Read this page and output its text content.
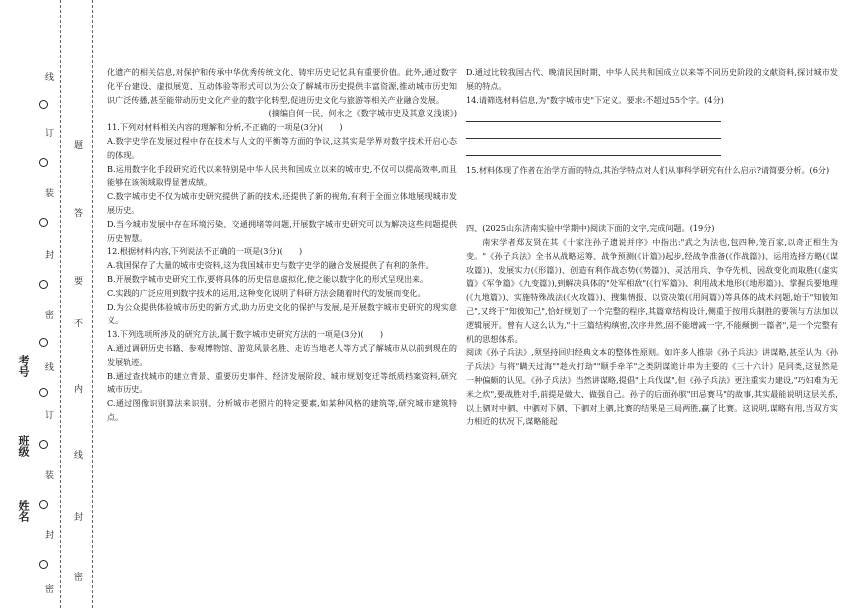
姓名
班级
考号
线
订
装
封
密
线
订
装
封
密
题
答
要
不
内
线
封
密

化遗产的相关信息,对保护和传承中华优秀传统文化、铸牢历史记忆具有重要价值。此外,通过数字化平台建设、虚拟展览、互动体验等形式可以为公众了解城市历史提供丰富资源,推动城市历史知识广泛传播,甚至能带动历史文化产业的数字化转型,促进历史文化与旅游等相关产业融合发展。

(摘编自何一民、何永之《数字城市史及其意义浅谈》)

11.下列对材料相关内容的理解和分析,不正确的一项是(3分)(　　)

A.数字史学在发展过程中存在技术与人文的平衡等方面的争议,这其实是学界对数字技术开启心态的体现。

B.运用数字化手段研究近代以来特别是中华人民共和国成立以来的城市史,不仅可以提高效率,而且能够在该领域取得显著成绩。

C.数字城市史不仅为城市史研究提供了新的技术,还提供了新的视角,有利于全面立体地展现城市发展历史。

D.当今城市发展中存在环境污染、交通拥堵等问题,开展数字城市史研究可以为解决这些问题提供历史智慧。

12.根据材料内容,下列说法不正确的一项是(3分)(　　)

A.我国保存了大量的城市史资料,这为我国城市史与数字史学的融合发展提供了有利的条件。

B.开展数字城市史研究工作,要将具体的历史信息虚拟化,使之能以数字化的形式呈现出来。

C.实践的广泛应用到数字技术的运用,这种变化说明了科研方法会随着时代的发展而变化。

D.为公众提供体验城市历史的新方式,助力历史文化的保护与发展,是开展数字城市史研究的现实意义。

13.下列选项所涉及的研究方法,属于数字城市史研究方法的一项是(3分)(　　)

A.通过调研历史书籍、参观博物馆、游览风景名胜、走访当地老人等方式了解城市从以前到现在的发展轨迹。

B.通过查找城市的建立背景、重要历史事件、经济发展阶段、城市规划变迁等纸质档案资料,研究城市历史。

C.通过图像识别算法来识别、分析城市老照片的特定要素,如某种风格的建筑等,研究城市建筑特点。

D.通过比较我国古代、晚清民国时期、中华人民共和国成立以来等不同历史阶段的文献资料,探讨城市发展的特点。

14.请筛选材料信息,为"数字城市史"下定义。要求:不超过55个字。(4分)

15.材料体现了作者在治学方面的特点,其治学特点对人们从事科学研究有什么启示?请简要分析。(6分)

四、(2025山东济南实验中学期中)阅读下面的文字,完成问题。(19分)

南宋学者郑友贤在其《十家注孙子遗说并序》中指出:"武之为法也,包四种,笼百家,以奇正相生为变。"《孙子兵法》全书从战略运筹、战争预测(《计篇》)起步,经战争准备(《作战篇》)、运用选择方略(《谋攻篇》)、发展实力(《形篇》)、创造有利作战态势(《势篇》)、灵活用兵、争夺先机、因敌变化而取胜(《虚实篇》《军争篇》《九变篇》),到解决具体的"处军相敌"(《行军篇》)、利用战术地形(《地形篇》)、掌握兵要地理(《九地篇》)、实施特殊战法(《火攻篇》)、搜集情报、以资决策(《用间篇》)等具体的战术问题,始于"知彼知己",又终于"知彼知己",恰好规划了一个完整的程序,其篇章结构设计,侧重于按用兵制胜的要领与方法加以逻辑展开。曾有人这么认为,"十三篇结构缜密,次序井然,固不能增减一字,不能颠倒一篇者",是一个完整有机的思想体系。

阅读《孙子兵法》,须坚持回归经典文本的整体性原则。如许多人推崇《孙子兵法》讲谋略,甚至认为《孙子兵法》与将"瞒天过海""趁火打劫""顺手牵羊"之类阴谋诡计串为主要的《三十六计》是同类,这显然是一种偏颇的认见。《孙子兵法》当然讲谋略,提倡"上兵伐谋",但《孙子兵法》更注重实力建设,"巧妇难为无米之炊",要战胜对手,前提是做大、做强自己。孙子的后面孙膑"田忌赛马"的故事,其实最能说明这层关系,以上驷对中驷、中驷对下驷、下驷对上驷,比赛的结果是三局两胜,赢了比赛。这说明,谋略有用,当双方实力相近的状况下,谋略能起
